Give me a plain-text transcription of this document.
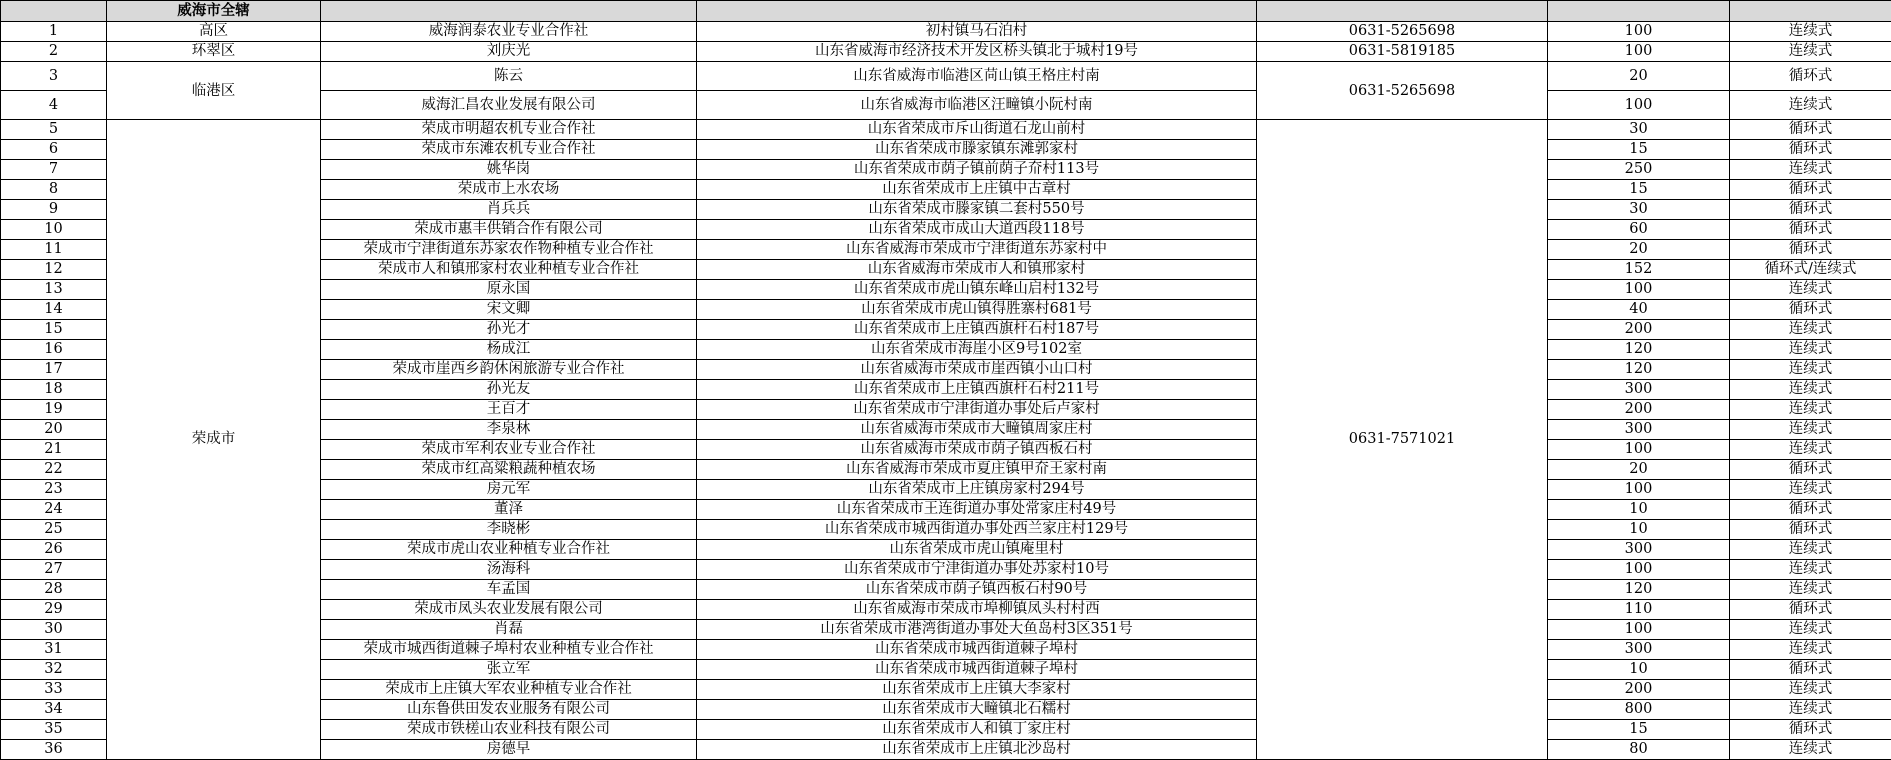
	威海市全辖					
1	高区	威海润泰农业专业合作社	初村镇马石泊村	0631-5265698	100	连续式
2	环翠区	刘庆光	山东省威海市经济技术开发区桥头镇北于城村19号	0631-5819185	100	连续式
3	临港区	陈云	山东省威海市临港区苘山镇王格庄村南	0631-5265698	20	循环式
4		威海汇昌农业发展有限公司	山东省威海市临港区汪疃镇小阮村南		100	连续式
5	荣成市	荣成市明超农机专业合作社	山东省荣成市斥山街道石龙山前村	0631-7571021	30	循环式
6		荣成市东滩农机专业合作社	山东省荣成市滕家镇东滩郭家村		15	循环式
7		姚华岗	山东省荣成市荫子镇前荫子夼村113号		250	连续式
8		荣成市上水农场	山东省荣成市上庄镇中古章村		15	循环式
9		肖兵兵	山东省荣成市滕家镇二套村550号		30	循环式
10		荣成市惠丰供销合作有限公司	山东省荣成市成山大道西段118号		60	循环式
11		荣成市宁津街道东苏家农作物种植专业合作社	山东省威海市荣成市宁津街道东苏家村中		20	循环式
12		荣成市人和镇邢家村农业种植专业合作社	山东省威海市荣成市人和镇邢家村		152	循环式/连续式
13		原永国	山东省荣成市虎山镇东峰山启村132号		100	连续式
14		宋文卿	山东省荣成市虎山镇得胜寨村681号		40	循环式
15		孙光才	山东省荣成市上庄镇西旗杆石村187号		200	连续式
16		杨成江	山东省荣成市海崖小区9号102室		120	连续式
17		荣成市崖西乡韵休闲旅游专业合作社	山东省威海市荣成市崖西镇小山口村		120	连续式
18		孙光友	山东省荣成市上庄镇西旗杆石村211号		300	连续式
19		王百才	山东省荣成市宁津街道办事处后卢家村		200	连续式
20		李泉林	山东省威海市荣成市大疃镇周家庄村		300	连续式
21		荣成市军利农业专业合作社	山东省威海市荣成市荫子镇西板石村		100	连续式
22		荣成市红高粱粮蔬种植农场	山东省威海市荣成市夏庄镇甲夼王家村南		20	循环式
23		房元军	山东省荣成市上庄镇房家村294号		100	连续式
24		董泽	山东省荣成市王连街道办事处常家庄村49号		10	循环式
25		李晓彬	山东省荣成市城西街道办事处西兰家庄村129号		10	循环式
26		荣成市虎山农业种植专业合作社	山东省荣成市虎山镇庵里村		300	连续式
27		汤海科	山东省荣成市宁津街道办事处苏家村10号		100	连续式
28		车孟国	山东省荣成市荫子镇西板石村90号		120	连续式
29		荣成市凤头农业发展有限公司	山东省威海市荣成市埠柳镇凤头村村西		110	循环式
30		肖磊	山东省荣成市港湾街道办事处大鱼岛村3区351号		100	连续式
31		荣成市城西街道棘子埠村农业种植专业合作社	山东省荣成市城西街道棘子埠村		300	连续式
32		张立军	山东省荣成市城西街道棘子埠村		10	循环式
33		荣成市上庄镇大军农业种植专业合作社	山东省荣成市上庄镇大李家村		200	连续式
34		山东鲁供田发农业服务有限公司	山东省荣成市大疃镇北石糯村		800	连续式
35		荣成市铁槎山农业科技有限公司	山东省荣成市人和镇丁家庄村		15	循环式
36		房德早	山东省荣成市上庄镇北沙岛村		80	连续式
